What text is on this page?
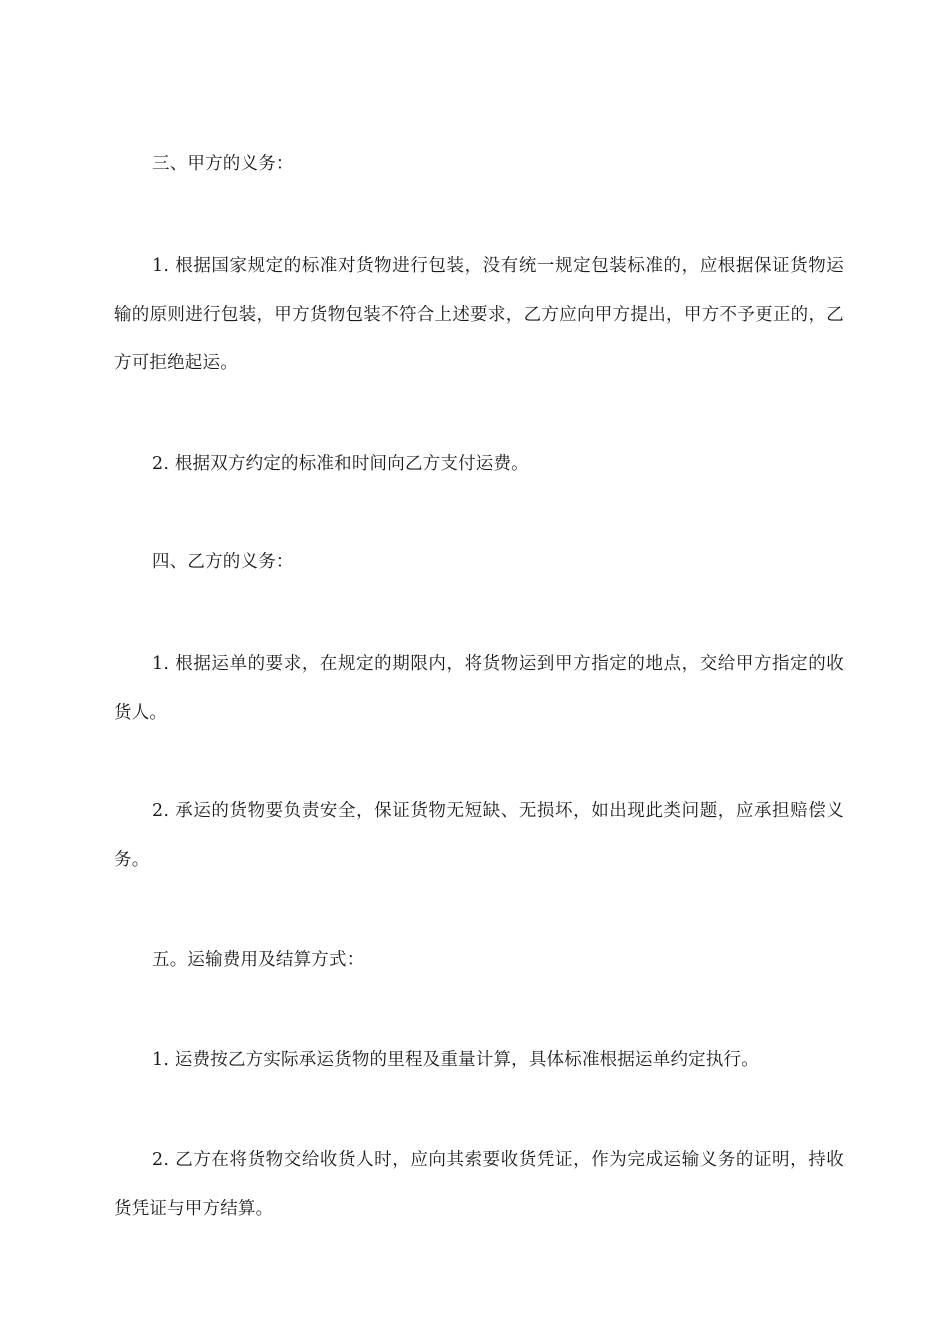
三、甲方的义务：

1. 根据国家规定的标准对货物进行包装，没有统一规定包装标准的，应根据保证货物运输的原则进行包装，甲方货物包装不符合上述要求，乙方应向甲方提出，甲方不予更正的，乙方可拒绝起运。

2. 根据双方约定的标准和时间向乙方支付运费。

四、乙方的义务：

1. 根据运单的要求，在规定的期限内，将货物运到甲方指定的地点，交给甲方指定的收货人。

2. 承运的货物要负责安全，保证货物无短缺、无损坏，如出现此类问题，应承担赔偿义务。

五。运输费用及结算方式：

1. 运费按乙方实际承运货物的里程及重量计算，具体标准根据运单约定执行。

2. 乙方在将货物交给收货人时，应向其索要收货凭证，作为完成运输义务的证明，持收货凭证与甲方结算。
